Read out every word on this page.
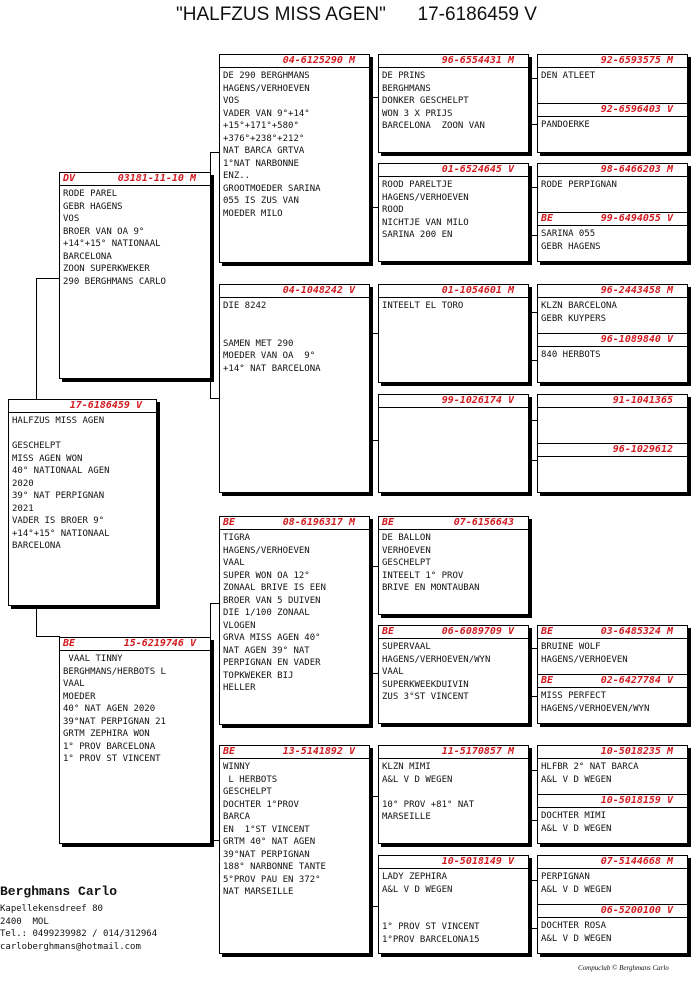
"HALFZUS MISS AGEN"      17-6186459 V
17-6186459 V
HALFZUS MISS AGEN

GESCHELPT
MISS AGEN WON
40° NATIONAAL AGEN
2020
39° NAT PERPIGNAN
2021
VADER IS BROER 9°
+14°+15° NATIONAAL
BARCELONA
DV	03181-11-10 M
RODE PAREL
GEBR HAGENS
VOS
BROER VAN OA 9°
+14°+15° NATIONAAL
BARCELONA
ZOON SUPERKWEKER
290 BERGHMANS CARLO
BE	15-6219746 V
VAAL TINNY
BERGHMANS/HERBOTS L
VAAL
MOEDER
40° NAT AGEN 2020
39°NAT PERPIGNAN 21
GRTM ZEPHIRA WON
1° PROV BARCELONA
1° PROV ST VINCENT
04-6125290 M
DE 290 BERGHMANS
HAGENS/VERHOEVEN
VOS
VADER VAN 9°+14°
+15°+171°+580°
+376°+238°+212°
NAT BARCA GRTVA
1°NAT NARBONNE
ENZ..
GROOTMOEDER SARINA
055 IS ZUS VAN
MOEDER MILO
04-1048242 V
DIE 8242

SAMEN MET 290
MOEDER VAN OA  9°
+14° NAT BARCELONA
BE	08-6196317 M
TIGRA
HAGENS/VERHOEVEN
VAAL
SUPER WON OA 12°
ZONAAL BRIVE IS EEN
BROER VAN 5 DUIVEN
DIE 1/100 ZONAAL
VLOGEN
GRVA MISS AGEN 40°
NAT AGEN 39° NAT
PERPIGNAN EN VADER
TOPKWEKER BIJ
HELLER
BE	13-5141892 V
WINNY
L HERBOTS
GESCHELPT
DOCHTER 1°PROV
BARCA
EN  1°ST VINCENT
GRTM 40° NAT AGEN
39°NAT PERPIGNAN
188° NARBONNE TANTE
5°PROV PAU EN 372°
NAT MARSEILLE
96-6554431 M
DE PRINS
BERGHMANS
DONKER GESCHELPT
WON 3 X PRIJS
BARCELONA  ZOON VAN
01-6524645 V
ROOD PARELTJE
HAGENS/VERHOEVEN
ROOD
NICHTJE VAN MILO
SARINA 200 EN
01-1054601 M
INTEELT EL TORO
99-1026174 V
BE	07-6156643
DE BALLON
VERHOEVEN
GESCHELPT
INTEELT 1° PROV
BRIVE EN MONTAUBAN
BE	06-6089709 V
SUPERVAAL
HAGENS/VERHOEVEN/WYN
VAAL
SUPERKWEEKDUIVIN
ZUS 3°ST VINCENT
11-5170857 M
KLZN MIMI
A&L V D WEGEN

10° PROV +81° NAT
MARSEILLE
10-5018149 V
LADY ZEPHIRA
A&L V D WEGEN

1° PROV ST VINCENT
1°PROV BARCELONA15
92-6593575 M
DEN ATLEET
92-6596403 V
PANDOERKE
98-6466203 M
RODE PERPIGNAN
BE	99-6494055 V
SARINA 055
GEBR HAGENS
96-2443458 M
KLZN BARCELONA
GEBR KUYPERS
96-1089840 V
840 HERBOTS
91-1041365
96-1029612
BE	03-6485324 M
BRUINE WOLF
HAGENS/VERHOEVEN
BE	02-6427784 V
MISS PERFECT
HAGENS/VERHOEVEN/WYN
10-5018235 M
HLFBR 2° NAT BARCA
A&L V D WEGEN
10-5018159 V
DOCHTER MIMI
A&L V D WEGEN
07-5144668 M
PERPIGNAN
A&L V D WEGEN
06-5200100 V
DOCHTER ROSA
A&L V D WEGEN
Berghmans Carlo
Kapellekensdreef 80
2400  MOL
Tel.: 0499239982 / 014/312964
carloberghmans@hotmail.com
Compuclub © Berghmans Carlo
